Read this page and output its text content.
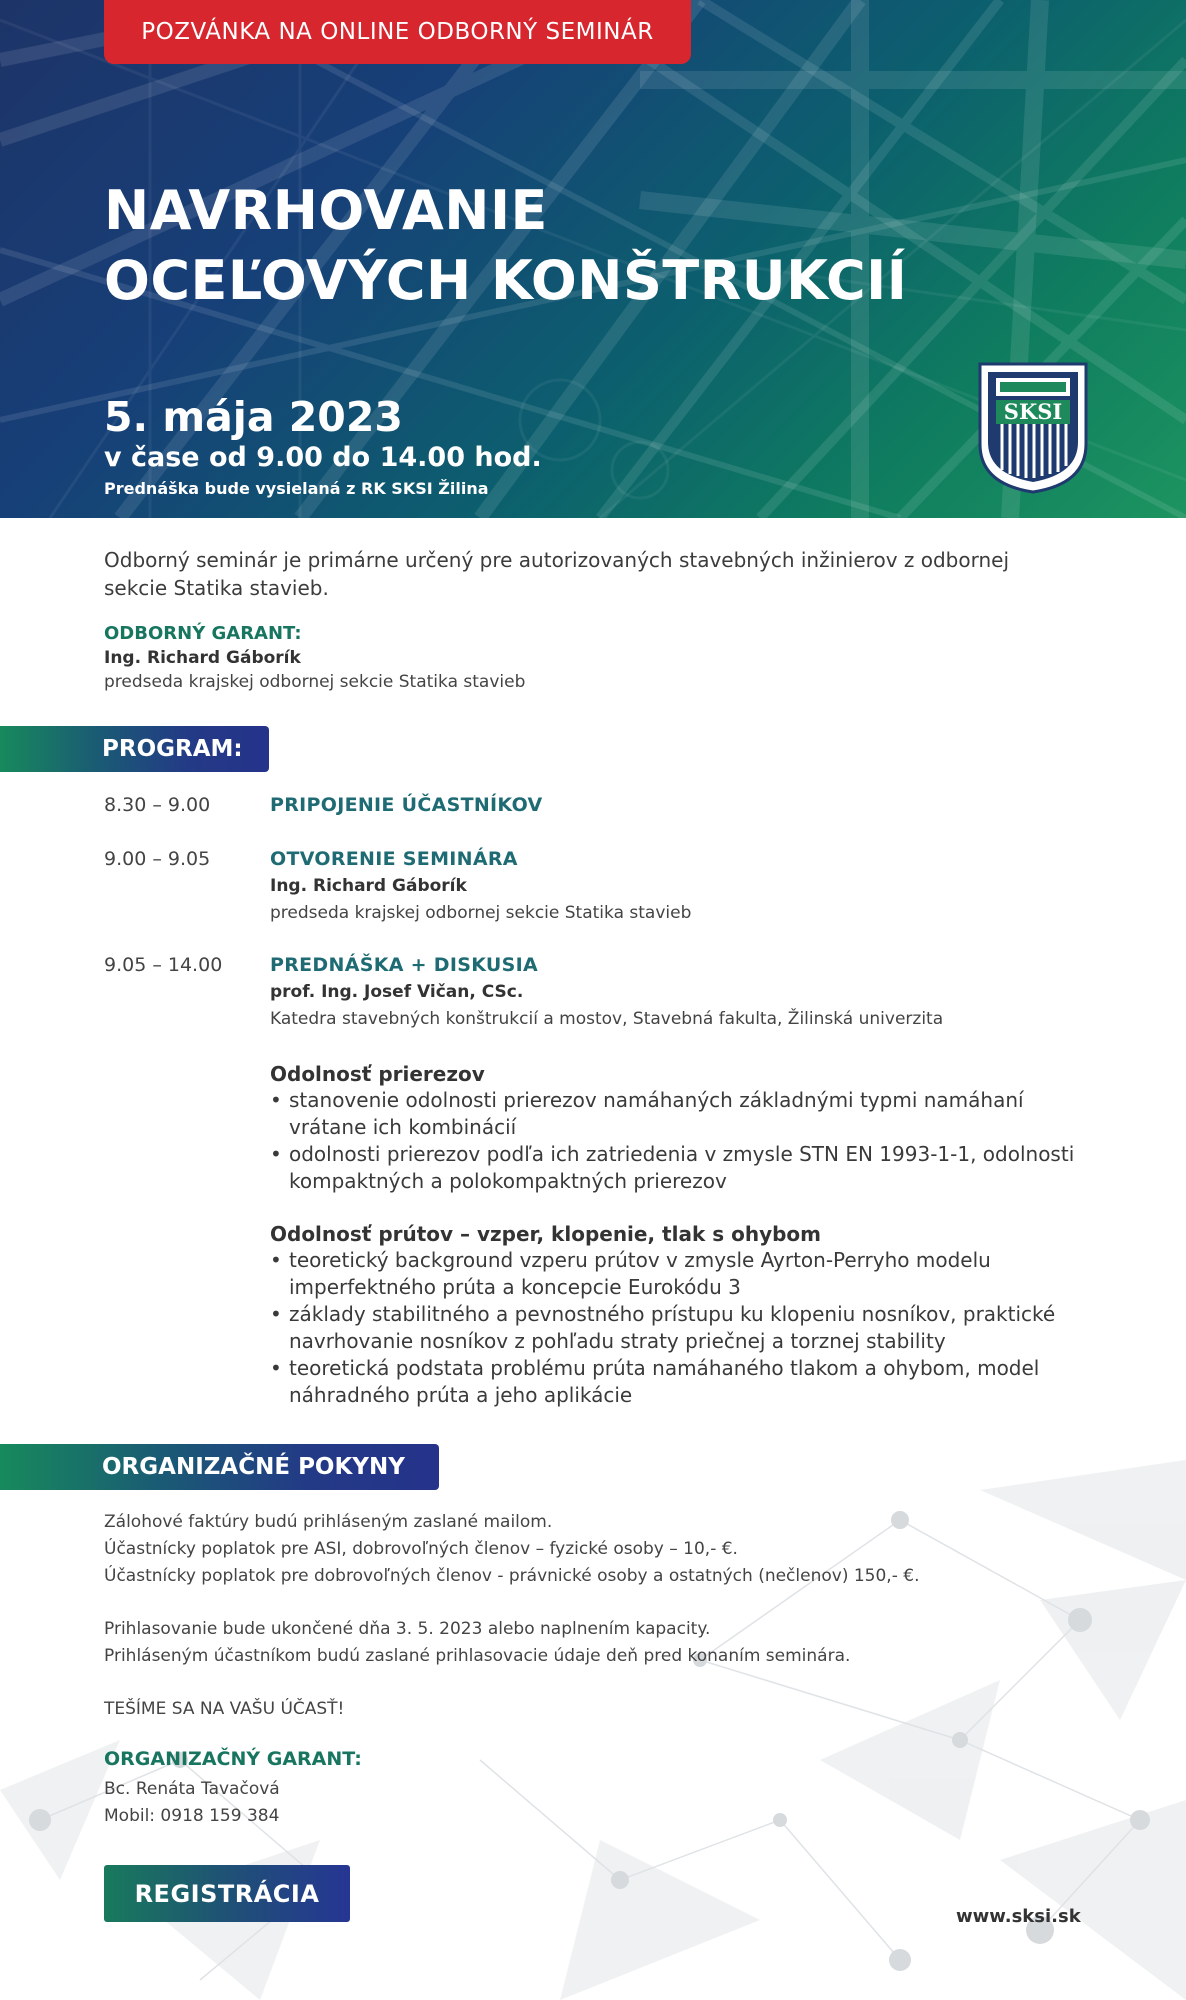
POZVÁNKA NA ONLINE ODBORNÝ SEMINÁR
NAVRHOVANIE
OCEĽOVÝCH KONŠTRUKCIÍ
5. mája 2023
v čase od 9.00 do 14.00 hod.
Prednáška bude vysielaná z RK SKSI Žilina
SKSI
Odborný seminár je primárne určený pre autorizovaných stavebných inžinierov z odbornej sekcie Statika stavieb.
ODBORNÝ GARANT:
Ing. Richard Gáborík
predseda krajskej odbornej sekcie Statika stavieb
PROGRAM:
8.30 – 9.00	PRIPOJENIE ÚČASTNÍKOV
9.00 – 9.05	OTVORENIE SEMINÁRA
Ing. Richard Gáborík
predseda krajskej odbornej sekcie Statika stavieb
9.05 – 14.00	PREDNÁŠKA + DISKUSIA
prof. Ing. Josef Vičan, CSc.
Katedra stavebných konštrukcií a mostov, Stavebná fakulta, Žilinská univerzita
Odolnosť prierezov
• stanovenie odolnosti prierezov namáhaných základnými typmi namáhaní vrátane ich kombinácií
• odolnosti prierezov podľa ich zatriedenia v zmysle STN EN 1993-1-1, odolnosti kompaktných a polokompaktných prierezov
Odolnosť prútov – vzper, klopenie, tlak s ohybom
• teoretický background vzperu prútov v zmysle Ayrton-Perryho modelu imperfektného prúta a koncepcie Eurokódu 3
• základy stabilitného a pevnostného prístupu ku klopeniu nosníkov, praktické navrhovanie nosníkov z pohľadu straty priečnej a torznej stability
• teoretická podstata problému prúta namáhaného tlakom a ohybom, model náhradného prúta a jeho aplikácie
ORGANIZAČNÉ POKYNY
Zálohové faktúry budú prihláseným zaslané mailom.
Účastnícky poplatok pre ASI, dobrovoľných členov – fyzické osoby – 10,- €.
Účastnícky poplatok pre dobrovoľných členov - právnické osoby a ostatných (nečlenov) 150,- €.
Prihlasovanie bude ukončené dňa 3. 5. 2023 alebo naplnením kapacity.
Prihláseným účastníkom budú zaslané prihlasovacie údaje deň pred konaním seminára.
TEŠÍME SA NA VAŠU ÚČASŤ!
ORGANIZAČNÝ GARANT:
Bc. Renáta Tavačová
Mobil: 0918 159 384
REGISTRÁCIA
www.sksi.sk
